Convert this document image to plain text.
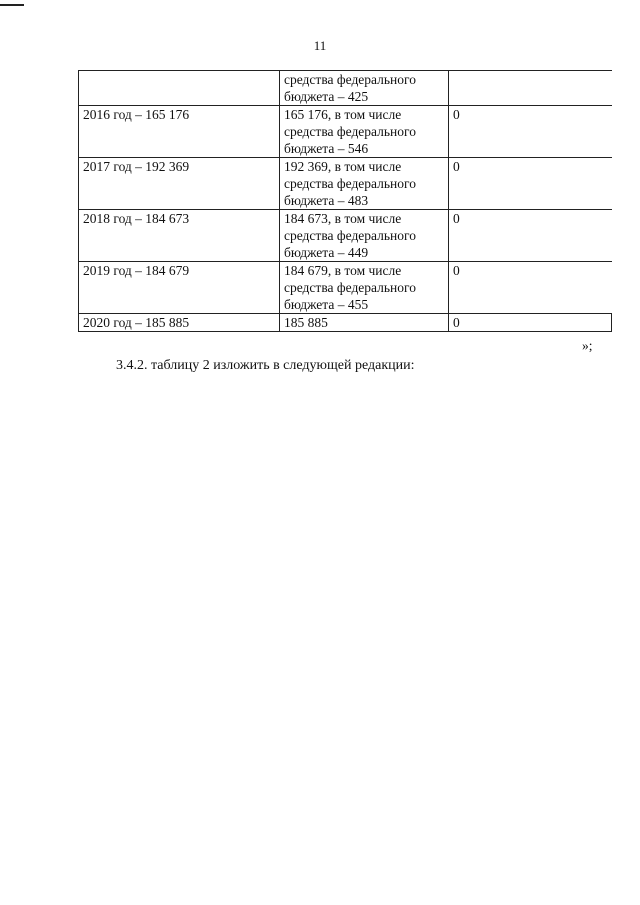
11

	средства федерального
бюджета – 425	

2016 год – 165 176	165 176, в том числе
средства федерального
бюджета – 546	0
2017 год – 192 369	192 369, в том числе
средства федерального
бюджета – 483	0
2018 год – 184 673	184 673, в том числе
средства федерального
бюджета – 449	0
2019 год – 184 679	184 679, в том числе
средства федерального
бюджета – 455	0
2020 год – 185 885	185 885	0
»;
3.4.2. таблицу 2 изложить в следующей редакции:
